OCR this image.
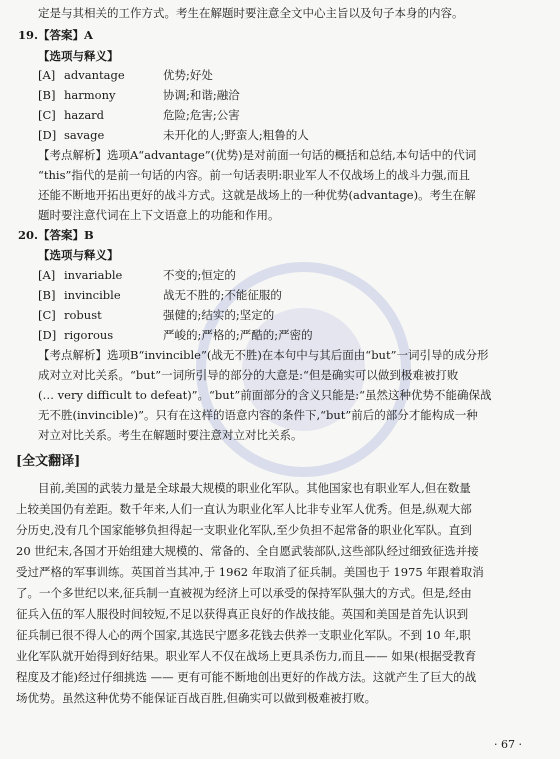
定是与其相关的工作方式。考生在解题时要注意全文中心主旨以及句子本身的内容。
19. 【答案】A
【选项与释义】
[A] advantage	优势;好处
[B] harmony	协调;和谐;融洽
[C] hazard	危险;危害;公害
[D] savage	未开化的人;野蛮人;粗鲁的人
【考点解析】选项A“advantage”(优势)是对前面一句话的概括和总结,本句话中的代词
“this”指代的是前一句话的内容。前一句话表明:职业军人不仅战场上的战斗力强,而且
还能不断地开拓出更好的战斗方式。这就是战场上的一种优势(advantage)。考生在解
题时要注意代词在上下文语意上的功能和作用。
20. 【答案】B
【选项与释义】
[A] invariable	不变的;恒定的
[B] invincible	战无不胜的;不能征服的
[C] robust	强健的;结实的;坚定的
[D] rigorous	严峻的;严格的;严酷的;严密的
【考点解析】选项B“invincible”(战无不胜)在本句中与其后面由“but”一词引导的成分形
成对立对比关系。“but”一词所引导的部分的大意是:“但是确实可以做到极难被打败
(… very difficult to defeat)”。“but”前面部分的含义只能是:“虽然这种优势不能确保战
无不胜(invincible)”。只有在这样的语意内容的条件下,“but”前后的部分才能构成一种
对立对比关系。考生在解题时要注意对立对比关系。
[全文翻译]
目前,美国的武装力量是全球最大规模的职业化军队。其他国家也有职业军人,但在数量
上较美国仍有差距。数千年来,人们一直认为职业化军人比非专业军人优秀。但是,纵观大部
分历史,没有几个国家能够负担得起一支职业化军队,至少负担不起常备的职业化军队。直到
20 世纪末,各国才开始组建大规模的、常备的、全自愿武装部队,这些部队经过细致征选并接
受过严格的军事训练。英国首当其冲,于 1962 年取消了征兵制。美国也于 1975 年跟着取消
了。一个多世纪以来,征兵制一直被视为经济上可以承受的保持军队强大的方式。但是,经由
征兵入伍的军人服役时间较短,不足以获得真正良好的作战技能。英国和美国是首先认识到
征兵制已很不得人心的两个国家,其选民宁愿多花钱去供养一支职业化军队。不到 10 年,职
业化军队就开始得到好结果。职业军人不仅在战场上更具杀伤力,而且—— 如果(根据受教育
程度及才能)经过仔细挑选 —— 更有可能不断地创出更好的作战方法。这就产生了巨大的战
场优势。虽然这种优势不能保证百战百胜,但确实可以做到极难被打败。
· 67 ·
